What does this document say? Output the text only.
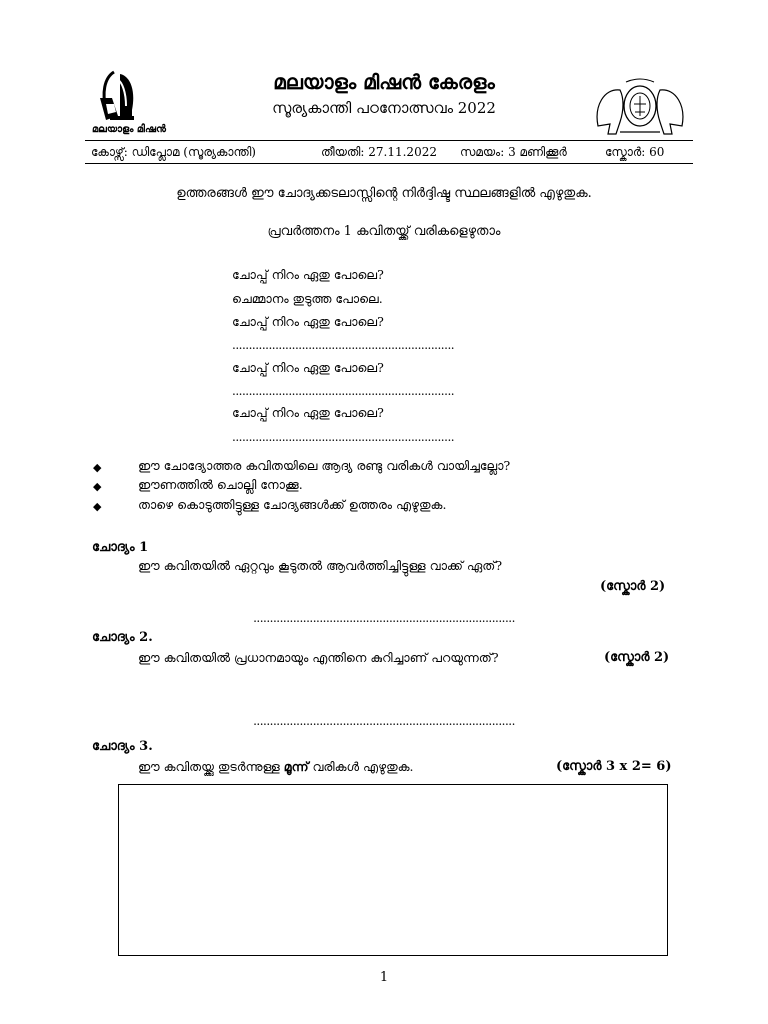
മലയാളം മിഷൻ
മലയാളം മിഷൻ കേരളം
സൂര്യകാന്തി പഠനോത്സവം 2022
കോഴ്സ്: ഡിപ്ലോമ (സൂര്യകാന്തി)	തീയതി: 27.11.2022 സമയം: 3 മണിക്കൂർ	സ്കോർ: 60
ഉത്തരങ്ങൾ ഈ ചോദ്യക്കടലാസ്സിന്റെ നിർദ്ദിഷ്ട സ്ഥലങ്ങളിൽ എഴുതുക.
പ്രവർത്തനം 1 കവിതയ്ക്ക് വരികളെഴുതാം
ചോപ്പ് നിറം ഏതു പോലെ?
ചെമ്മാനം തുടുത്ത പോലെ.
ചോപ്പ് നിറം ഏതു പോലെ?
...................................................................
ചോപ്പ് നിറം ഏതു പോലെ?
...................................................................
ചോപ്പ് നിറം ഏതു പോലെ?
...................................................................
◆	ഈ ചോദ്യോത്തര കവിതയിലെ ആദ്യ രണ്ടു വരികൾ വായിച്ചല്ലോ?
◆	ഈണത്തിൽ ചൊല്ലി നോക്കൂ.
◆	താഴെ കൊടുത്തിട്ടുള്ള ചോദ്യങ്ങൾക്ക് ഉത്തരം എഴുതുക.
ചോദ്യം 1
ഈ കവിതയിൽ ഏറ്റവും കൂടുതൽ ആവർത്തിച്ചിട്ടുള്ള വാക്ക് ഏത്?
(സ്കോർ 2)
...............................................................................
ചോദ്യം 2.
ഈ കവിതയിൽ പ്രധാനമായും എന്തിനെ കുറിച്ചാണ് പറയുന്നത്?	(സ്കോർ 2)
...............................................................................
ചോദ്യം 3.
ഈ കവിതയ്ക്കു തുടർന്നുള്ള മൂന്ന് വരികൾ എഴുതുക.	(സ്കോർ 3 x 2= 6)
1
